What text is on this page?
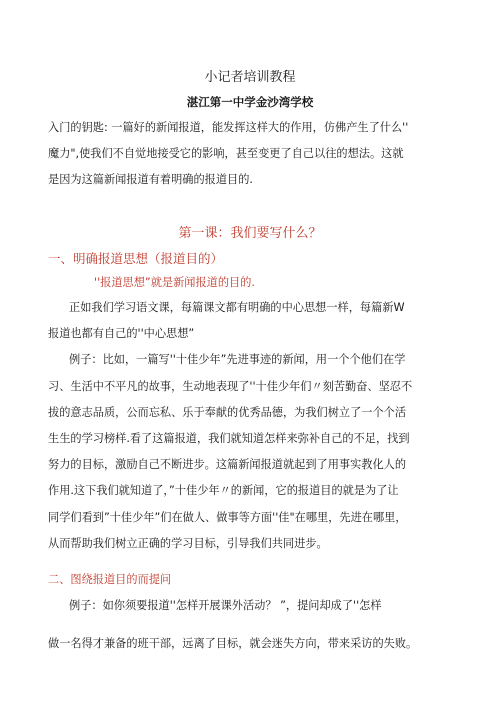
小记者培训教程
湛江第一中学金沙湾学校
入门的钥匙: 一篇好的新闻报道，能发挥这样大的作用，仿佛产生了什么''
魔力",使我们不自觉地接受它的影响，甚至变更了自己以往的想法。这就
是因为这篇新闻报道有着明确的报道目的.
第一课：我们要写什么？
一、明确报道思想（报道目的）
''报道思想”就是新闻报道的目的.
正如我们学习语文课，每篇课文都有明确的中心思想一样，每篇新W
报道也都有自己的''中心思想”
例子：比如，一篇写''十佳少年”先进事迹的新闻，用一个个他们在学
习、生活中不平凡的故事，生动地表现了''十佳少年们〃刻苦勤奋、坚忍不
拔的意志品质，公而忘私、乐于奉献的优秀品德，为我们树立了一个个活
生生的学习榜样.看了这篇报道，我们就知道怎样来弥补自己的不足，找到
努力的目标，激励自己不断进步。这篇新闻报道就起到了用事实教化人的
作用.这下我们就知道了，”十佳少年〃的新闻，它的报道目的就是为了让
同学们看到”十佳少年”们在做人、做事等方面''佳"在哪里，先进在哪里，
从而帮助我们树立正确的学习目标，引导我们共同进步。
二、图绕报道目的而提问
例子：如你须要报道''怎样开展课外活动？ ”，提问却成了''怎样
做一名得才兼备的班干部，远离了目标，就会迷失方向，带来采访的失败。
